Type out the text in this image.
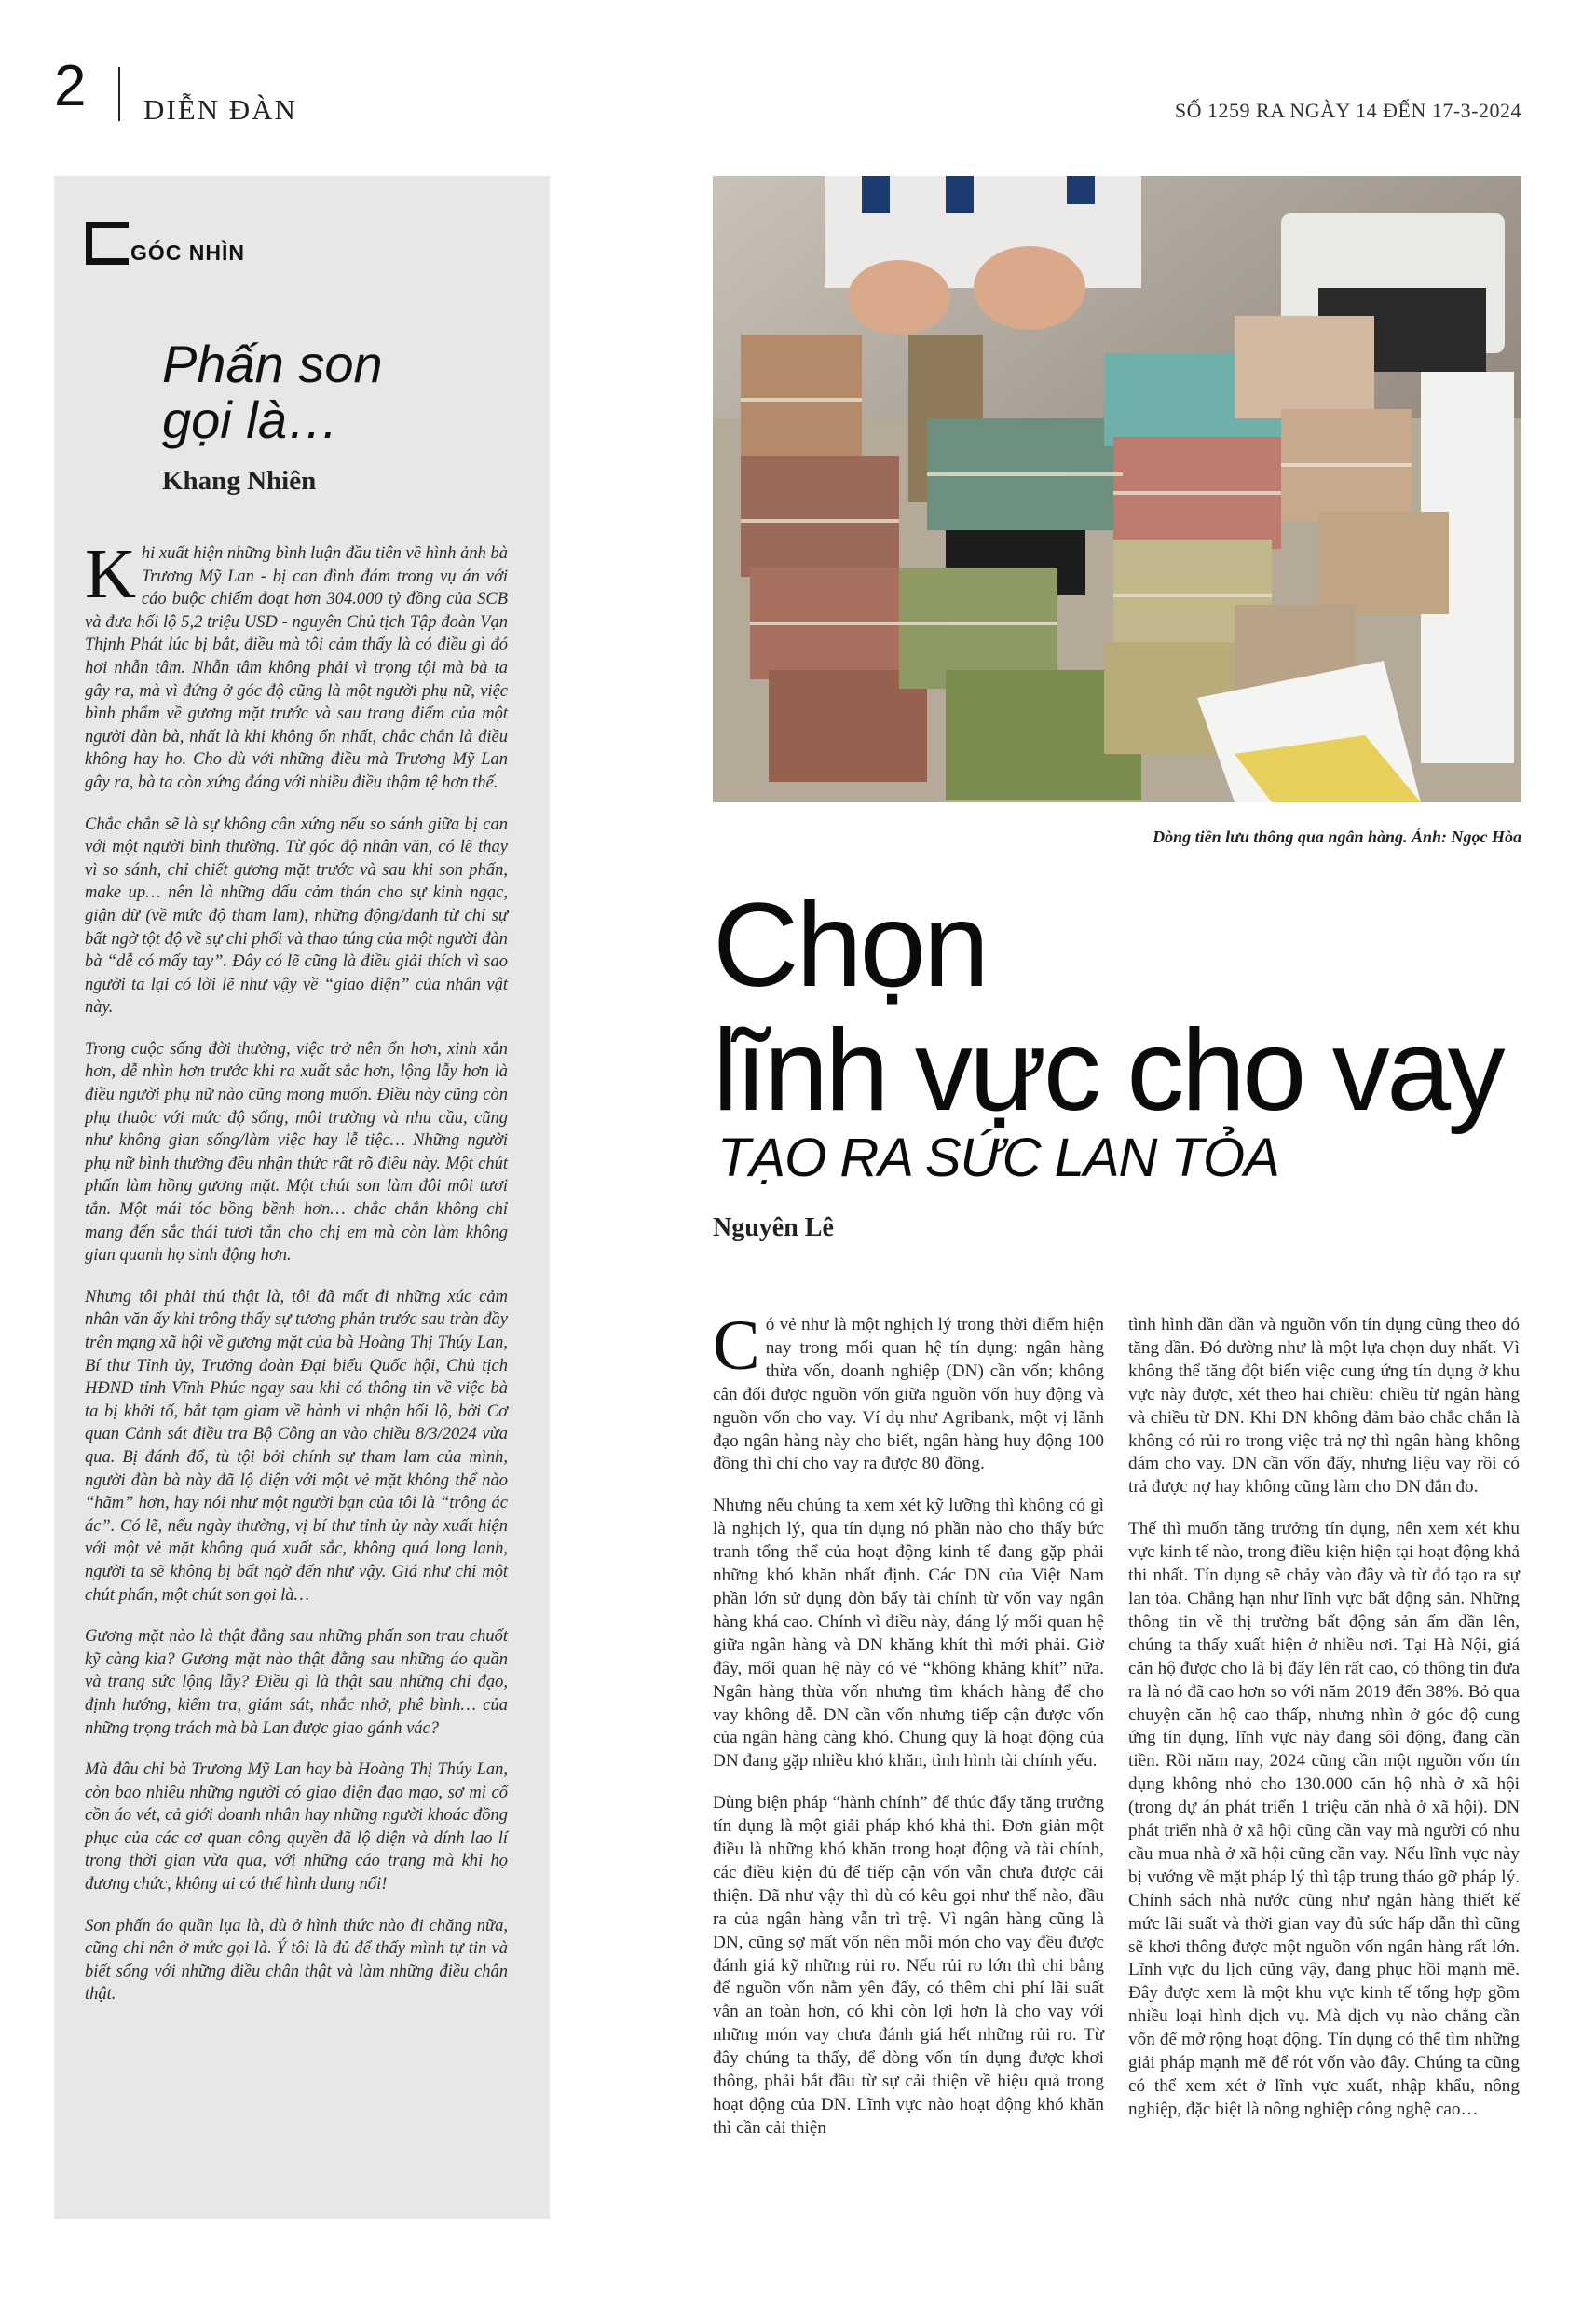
2 DIỄN ĐÀN	SỐ 1259 RA NGÀY 14 ĐẾN 17-3-2024
GÓC NHÌN
Phấn son
gọi là…
Khang Nhiên

Khi xuất hiện những bình luận đầu tiên về hình ảnh bà Trương Mỹ Lan - bị can đình đám trong vụ án với cáo buộc chiếm đoạt hơn 304.000 tỷ đồng của SCB và đưa hối lộ 5,2 triệu USD - nguyên Chủ tịch Tập đoàn Vạn Thịnh Phát lúc bị bắt, điều mà tôi cảm thấy là có điều gì đó hơi nhẫn tâm. Nhẫn tâm không phải vì trọng tội mà bà ta gây ra, mà vì đứng ở góc độ cũng là một người phụ nữ, việc bình phẩm về gương mặt trước và sau trang điểm của một người đàn bà, nhất là khi không ổn nhất, chắc chắn là điều không hay ho. Cho dù với những điều mà Trương Mỹ Lan gây ra, bà ta còn xứng đáng với nhiều điều thậm tệ hơn thế.

Chắc chắn sẽ là sự không cân xứng nếu so sánh giữa bị can với một người bình thường. Từ góc độ nhân văn, có lẽ thay vì so sánh, chỉ chiết gương mặt trước và sau khi son phấn, make up… nên là những dấu cảm thán cho sự kinh ngạc, giận dữ (về mức độ tham lam), những động/danh từ chỉ sự bất ngờ tột độ về sự chi phối và thao túng của một người đàn bà “dễ có mấy tay”. Đây có lẽ cũng là điều giải thích vì sao người ta lại có lời lẽ như vậy về “giao diện” của nhân vật này.

Trong cuộc sống đời thường, việc trở nên ổn hơn, xinh xắn hơn, dễ nhìn hơn trước khi ra xuất sắc hơn, lộng lẫy hơn là điều người phụ nữ nào cũng mong muốn. Điều này cũng còn phụ thuộc với mức độ sống, môi trường và nhu cầu, cũng như không gian sống/làm việc hay lễ tiệc… Những người phụ nữ bình thường đều nhận thức rất rõ điều này. Một chút phấn làm hồng gương mặt. Một chút son làm đôi môi tươi tắn. Một mái tóc bồng bềnh hơn… chắc chắn không chỉ mang đến sắc thái tươi tắn cho chị em mà còn làm không gian quanh họ sinh động hơn.

Nhưng tôi phải thú thật là, tôi đã mất đi những xúc cảm nhân văn ấy khi trông thấy sự tương phản trước sau tràn đầy trên mạng xã hội về gương mặt của bà Hoàng Thị Thúy Lan, Bí thư Tỉnh ủy, Trưởng đoàn Đại biểu Quốc hội, Chủ tịch HĐND tỉnh Vĩnh Phúc ngay sau khi có thông tin về việc bà ta bị khởi tố, bắt tạm giam về hành vi nhận hối lộ, bởi Cơ quan Cảnh sát điều tra Bộ Công an vào chiều 8/3/2024 vừa qua. Bị đánh đổ, tù tội bởi chính sự tham lam của mình, người đàn bà này đã lộ diện với một vẻ mặt không thể nào “hãm” hơn, hay nói như một người bạn của tôi là “trông ác ác”. Có lẽ, nếu ngày thường, vị bí thư tỉnh ủy này xuất hiện với một vẻ mặt không quá xuất sắc, không quá long lanh, người ta sẽ không bị bất ngờ đến như vậy. Giá như chỉ một chút phấn, một chút son gọi là…

Gương mặt nào là thật đằng sau những phấn son trau chuốt kỹ càng kia? Gương mặt nào thật đằng sau những áo quần và trang sức lộng lẫy? Điều gì là thật sau những chỉ đạo, định hướng, kiểm tra, giám sát, nhắc nhở, phê bình… của những trọng trách mà bà Lan được giao gánh vác?

Mà đâu chỉ bà Trương Mỹ Lan hay bà Hoàng Thị Thúy Lan, còn bao nhiêu những người có giao diện đạo mạo, sơ mi cổ cồn áo vét, cả giới doanh nhân hay những người khoác đồng phục của các cơ quan công quyền đã lộ diện và dính lao lí trong thời gian vừa qua, với những cáo trạng mà khi họ đương chức, không ai có thể hình dung nổi!

Son phấn áo quần lụa là, dù ở hình thức nào đi chăng nữa, cũng chỉ nên ở mức gọi là. Ý tôi là đủ để thấy mình tự tin và biết sống với những điều chân thật và làm những điều chân thật.

Dòng tiền lưu thông qua ngân hàng. Ảnh: Ngọc Hòa
Chọn
lĩnh vực cho vay
TẠO RA SỨC LAN TỎA
Nguyên Lê

Có vẻ như là một nghịch lý trong thời điểm hiện nay trong mối quan hệ tín dụng: ngân hàng thừa vốn, doanh nghiệp (DN) cần vốn; không cân đối được nguồn vốn giữa nguồn vốn huy động và nguồn vốn cho vay. Ví dụ như Agribank, một vị lãnh đạo ngân hàng này cho biết, ngân hàng huy động 100 đồng thì chỉ cho vay ra được 80 đồng.

Nhưng nếu chúng ta xem xét kỹ lưỡng thì không có gì là nghịch lý, qua tín dụng nó phần nào cho thấy bức tranh tổng thể của hoạt động kinh tế đang gặp phải những khó khăn nhất định. Các DN của Việt Nam phần lớn sử dụng đòn bẩy tài chính từ vốn vay ngân hàng khá cao. Chính vì điều này, đáng lý mối quan hệ giữa ngân hàng và DN khăng khít thì mới phải. Giờ đây, mối quan hệ này có vẻ “không khăng khít” nữa. Ngân hàng thừa vốn nhưng tìm khách hàng để cho vay không dễ. DN cần vốn nhưng tiếp cận được vốn của ngân hàng càng khó. Chung quy là hoạt động của DN đang gặp nhiều khó khăn, tình hình tài chính yếu.

Dùng biện pháp “hành chính” để thúc đẩy tăng trưởng tín dụng là một giải pháp khó khả thi. Đơn giản một điều là những khó khăn trong hoạt động và tài chính, các điều kiện đủ để tiếp cận vốn vẫn chưa được cải thiện. Đã như vậy thì dù có kêu gọi như thế nào, đầu ra của ngân hàng vẫn trì trệ. Vì ngân hàng cũng là DN, cũng sợ mất vốn nên mỗi món cho vay đều được đánh giá kỹ những rủi ro. Nếu rủi ro lớn thì chi bằng để nguồn vốn nằm yên đấy, có thêm chi phí lãi suất vẫn an toàn hơn, có khi còn lợi hơn là cho vay với những món vay chưa đánh giá hết những rủi ro. Từ đây chúng ta thấy, để dòng vốn tín dụng được khơi thông, phải bắt đầu từ sự cải thiện về hiệu quả trong hoạt động của DN. Lĩnh vực nào hoạt động khó khăn thì cần cải thiện

tình hình dần dần và nguồn vốn tín dụng cũng theo đó tăng dần. Đó dường như là một lựa chọn duy nhất. Vì không thể tăng đột biến việc cung ứng tín dụng ở khu vực này được, xét theo hai chiều: chiều từ ngân hàng và chiều từ DN. Khi DN không đảm bảo chắc chắn là không có rủi ro trong việc trả nợ thì ngân hàng không dám cho vay. DN cần vốn đấy, nhưng liệu vay rồi có trả được nợ hay không cũng làm cho DN đắn đo.

Thế thì muốn tăng trưởng tín dụng, nên xem xét khu vực kinh tế nào, trong điều kiện hiện tại hoạt động khả thi nhất. Tín dụng sẽ chảy vào đây và từ đó tạo ra sự lan tỏa. Chẳng hạn như lĩnh vực bất động sản. Những thông tin về thị trường bất động sản ấm dần lên, chúng ta thấy xuất hiện ở nhiều nơi. Tại Hà Nội, giá căn hộ được cho là bị đẩy lên rất cao, có thông tin đưa ra là nó đã cao hơn so với năm 2019 đến 38%. Bỏ qua chuyện căn hộ cao thấp, nhưng nhìn ở góc độ cung ứng tín dụng, lĩnh vực này đang sôi động, đang cần tiền. Rồi năm nay, 2024 cũng cần một nguồn vốn tín dụng không nhỏ cho 130.000 căn hộ nhà ở xã hội (trong dự án phát triển 1 triệu căn nhà ở xã hội). DN phát triển nhà ở xã hội cũng cần vay mà người có nhu cầu mua nhà ở xã hội cũng cần vay. Nếu lĩnh vực này bị vướng về mặt pháp lý thì tập trung tháo gỡ pháp lý. Chính sách nhà nước cũng như ngân hàng thiết kế mức lãi suất và thời gian vay đủ sức hấp dẫn thì cũng sẽ khơi thông được một nguồn vốn ngân hàng rất lớn. Lĩnh vực du lịch cũng vậy, đang phục hồi mạnh mẽ. Đây được xem là một khu vực kinh tế tổng hợp gồm nhiều loại hình dịch vụ. Mà dịch vụ nào chẳng cần vốn để mở rộng hoạt động. Tín dụng có thể tìm những giải pháp mạnh mẽ để rót vốn vào đây. Chúng ta cũng có thể xem xét ở lĩnh vực xuất, nhập khẩu, nông nghiệp, đặc biệt là nông nghiệp công nghệ cao…
